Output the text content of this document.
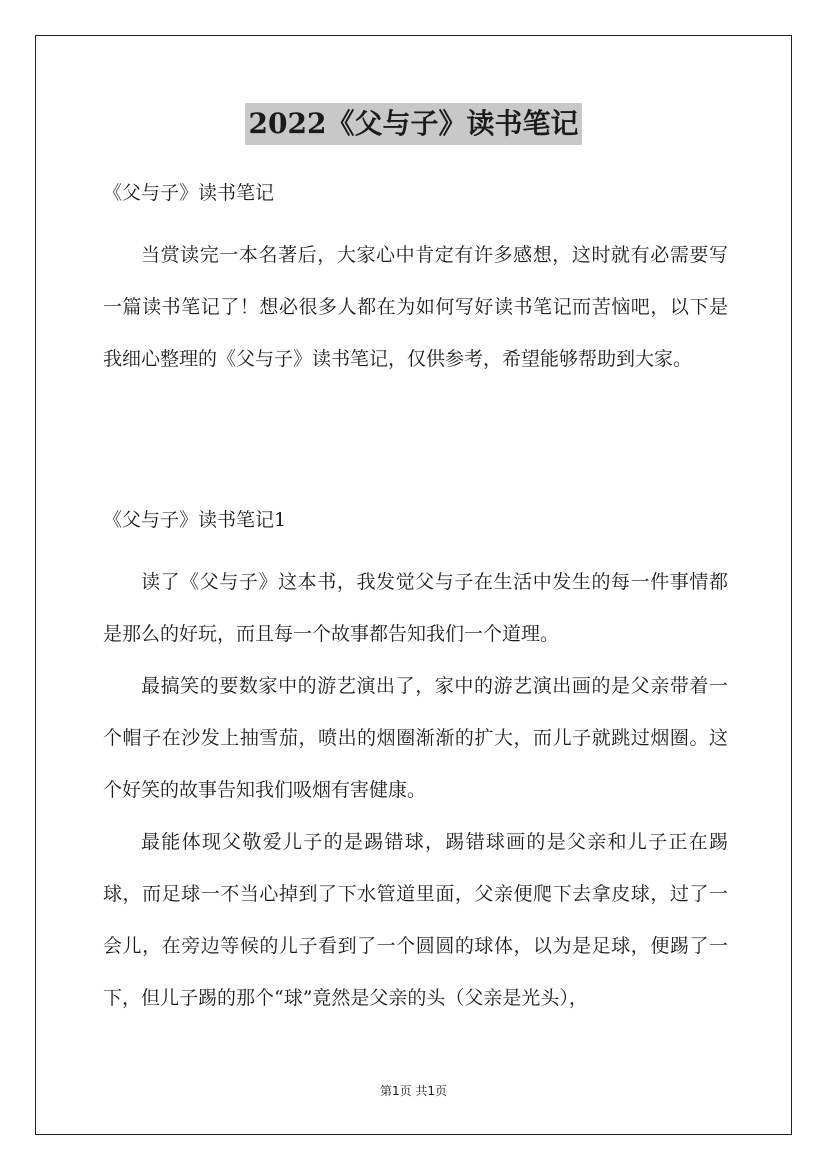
2022《父与子》读书笔记
《父与子》读书笔记

当赏读完一本名著后，大家心中肯定有许多感想，这时就有必需要写一篇读书笔记了！想必很多人都在为如何写好读书笔记而苦恼吧，以下是我细心整理的《父与子》读书笔记，仅供参考，希望能够帮助到大家。

《父与子》读书笔记1

读了《父与子》这本书，我发觉父与子在生活中发生的每一件事情都是那么的好玩，而且每一个故事都告知我们一个道理。

最搞笑的要数家中的游艺演出了，家中的游艺演出画的是父亲带着一个帽子在沙发上抽雪茄，喷出的烟圈渐渐的扩大，而儿子就跳过烟圈。这个好笑的故事告知我们吸烟有害健康。

最能体现父敬爱儿子的是踢错球，踢错球画的是父亲和儿子正在踢球，而足球一不当心掉到了下水管道里面，父亲便爬下去拿皮球，过了一会儿，在旁边等候的儿子看到了一个圆圆的球体，以为是足球，便踢了一下，但儿子踢的那个“球”竟然是父亲的头（父亲是光头），

第1页 共1页
